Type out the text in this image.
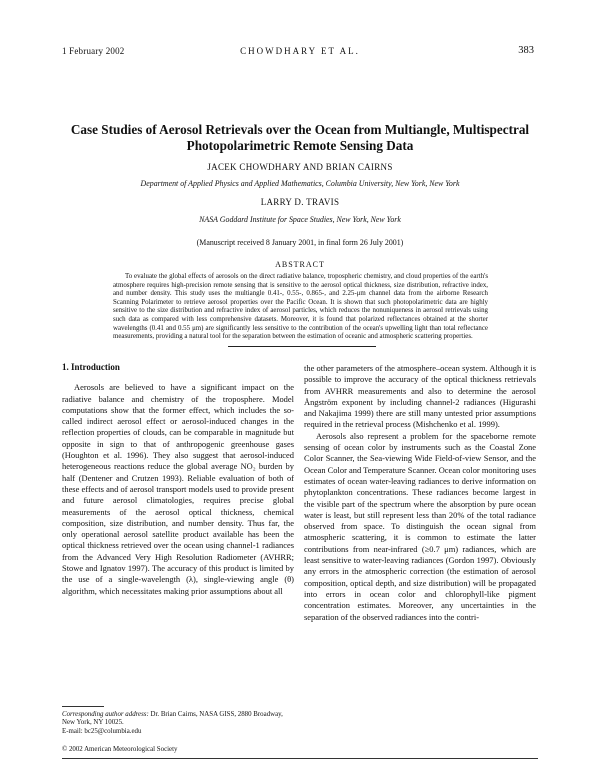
1 February 2002	CHOWDHARY ET AL.	383
Case Studies of Aerosol Retrievals over the Ocean from Multiangle, Multispectral Photopolarimetric Remote Sensing Data
JACEK CHOWDHARY AND BRIAN CAIRNS
Department of Applied Physics and Applied Mathematics, Columbia University, New York, New York
LARRY D. TRAVIS
NASA Goddard Institute for Space Studies, New York, New York
(Manuscript received 8 January 2001, in final form 26 July 2001)
ABSTRACT
To evaluate the global effects of aerosols on the direct radiative balance, tropospheric chemistry, and cloud properties of the earth's atmosphere requires high-precision remote sensing that is sensitive to the aerosol optical thickness, size distribution, refractive index, and number density. This study uses the multiangle 0.41-, 0.55-, 0.865-, and 2.25-μm channel data from the airborne Research Scanning Polarimeter to retrieve aerosol properties over the Pacific Ocean. It is shown that such photopolarimetric data are highly sensitive to the size distribution and refractive index of aerosol particles, which reduces the nonuniqueness in aerosol retrievals using such data as compared with less comprehensive datasets. Moreover, it is found that polarized reflectances obtained at the shorter wavelengths (0.41 and 0.55 μm) are significantly less sensitive to the contribution of the ocean's upwelling light than total reflectance measurements, providing a natural tool for the separation between the estimation of oceanic and atmospheric scattering properties.
1. Introduction

Aerosols are believed to have a significant impact on the radiative balance and chemistry of the troposphere. Model computations show that the former effect, which includes the so-called indirect aerosol effect or aerosol-induced changes in the reflection properties of clouds, can be comparable in magnitude but opposite in sign to that of anthropogenic greenhouse gases (Houghton et al. 1996). They also suggest that aerosol-induced heterogeneous reactions reduce the global average NO₂ burden by half (Dentener and Crutzen 1993). Reliable evaluation of both of these effects and of aerosol transport models used to provide present and future aerosol climatologies, requires precise global measurements of the aerosol optical thickness, chemical composition, size distribution, and number density. Thus far, the only operational aerosol satellite product available has been the optical thickness retrieved over the ocean using channel-1 radiances from the Advanced Very High Resolution Radiometer (AVHRR; Stowe and Ignatov 1997). The accuracy of this product is limited by the use of a single-wavelength (λ), single-viewing angle (θ) algorithm, which necessitates making prior assumptions about all

the other parameters of the atmosphere–ocean system. Although it is possible to improve the accuracy of the optical thickness retrievals from AVHRR measurements and also to determine the aerosol Ångström exponent by including channel-2 radiances (Higurashi and Nakajima 1999) there are still many untested prior assumptions required in the retrieval process (Mishchenko et al. 1999).

Aerosols also represent a problem for the spaceborne remote sensing of ocean color by instruments such as the Coastal Zone Color Scanner, the Sea-viewing Wide Field-of-view Sensor, and the Ocean Color and Temperature Scanner. Ocean color monitoring uses estimates of ocean water-leaving radiances to derive information on phytoplankton concentrations. These radiances become largest in the visible part of the spectrum where the absorption by pure ocean water is least, but still represent less than 20% of the total radiance observed from space. To distinguish the ocean signal from atmospheric scattering, it is common to estimate the latter contributions from near-infrared (≥0.7 μm) radiances, which are least sensitive to water-leaving radiances (Gordon 1997). Obviously any errors in the atmospheric correction (the estimation of aerosol composition, optical depth, and size distribution) will be propagated into errors in ocean color and chlorophyll-like pigment concentration estimates. Moreover, any uncertainties in the separation of the observed radiances into the contri-

Corresponding author address: Dr. Brian Cairns, NASA GISS, 2880 Broadway, New York, NY 10025.
E-mail: bc25@columbia.edu
© 2002 American Meteorological Society
